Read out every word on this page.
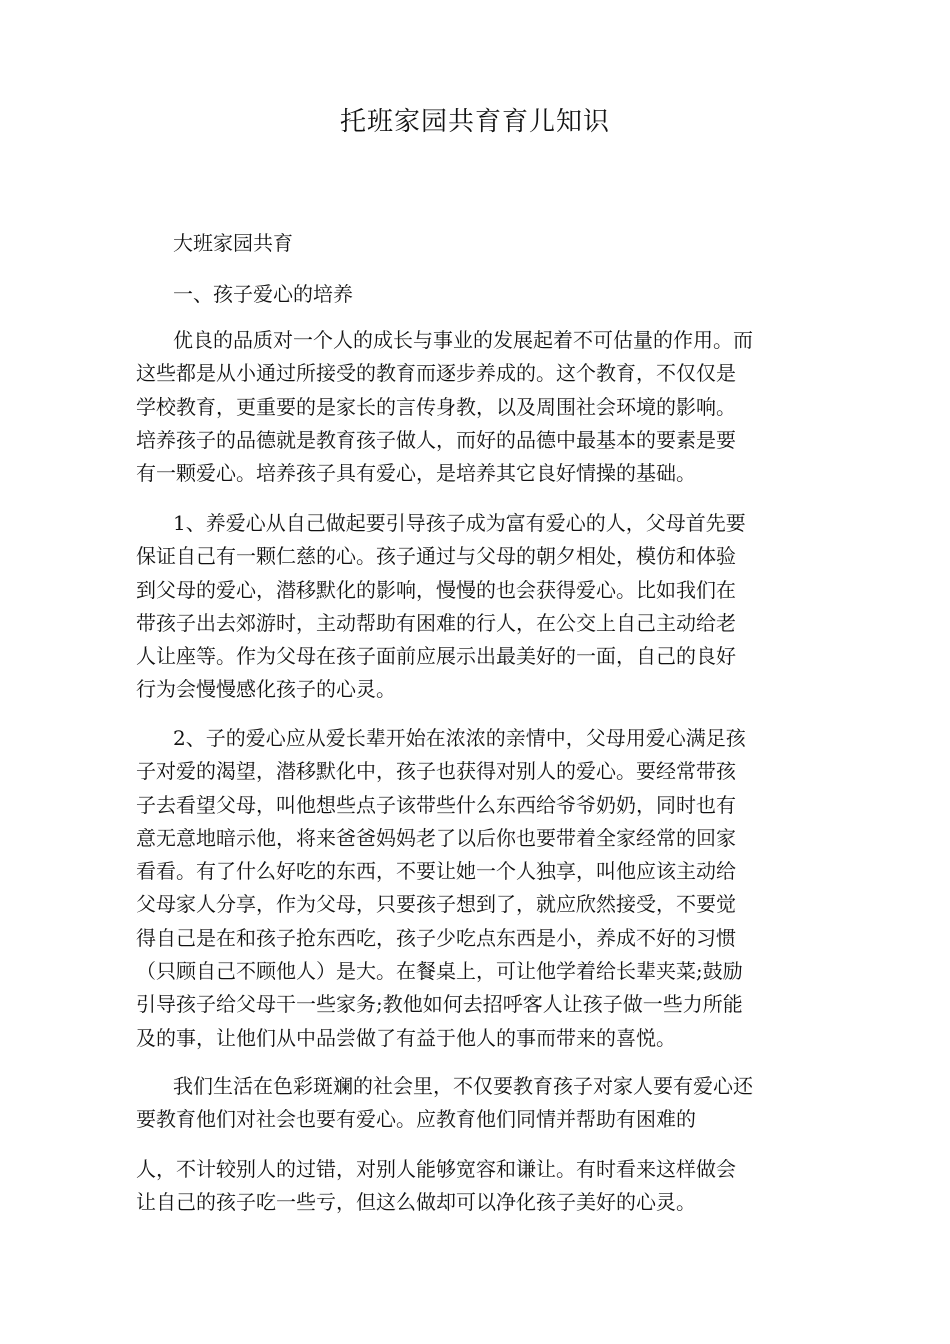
托班家园共育育儿知识
大班家园共育
一、孩子爱心的培养
优良的品质对一个人的成长与事业的发展起着不可估量的作用。而
这些都是从小通过所接受的教育而逐步养成的。这个教育，不仅仅是
学校教育，更重要的是家长的言传身教，以及周围社会环境的影响。
培养孩子的品德就是教育孩子做人，而好的品德中最基本的要素是要
有一颗爱心。培养孩子具有爱心，是培养其它良好情操的基础。
1、养爱心从自己做起要引导孩子成为富有爱心的人，父母首先要
保证自己有一颗仁慈的心。孩子通过与父母的朝夕相处，模仿和体验
到父母的爱心，潜移默化的影响，慢慢的也会获得爱心。比如我们在
带孩子出去郊游时，主动帮助有困难的行人，在公交上自己主动给老
人让座等。作为父母在孩子面前应展示出最美好的一面，自己的良好
行为会慢慢感化孩子的心灵。
2、子的爱心应从爱长辈开始在浓浓的亲情中，父母用爱心满足孩
子对爱的渴望，潜移默化中，孩子也获得对别人的爱心。要经常带孩
子去看望父母，叫他想些点子该带些什么东西给爷爷奶奶，同时也有
意无意地暗示他，将来爸爸妈妈老了以后你也要带着全家经常的回家
看看。有了什么好吃的东西，不要让她一个人独享，叫他应该主动给
父母家人分享，作为父母，只要孩子想到了，就应欣然接受，不要觉
得自己是在和孩子抢东西吃，孩子少吃点东西是小，养成不好的习惯
（只顾自己不顾他人）是大。在餐桌上，可让他学着给长辈夹菜;鼓励
引导孩子给父母干一些家务;教他如何去招呼客人让孩子做一些力所能
及的事，让他们从中品尝做了有益于他人的事而带来的喜悦。
我们生活在色彩斑斓的社会里，不仅要教育孩子对家人要有爱心还
要教育他们对社会也要有爱心。应教育他们同情并帮助有困难的
人，不计较别人的过错，对别人能够宽容和谦让。有时看来这样做会
让自己的孩子吃一些亏，但这么做却可以净化孩子美好的心灵。
